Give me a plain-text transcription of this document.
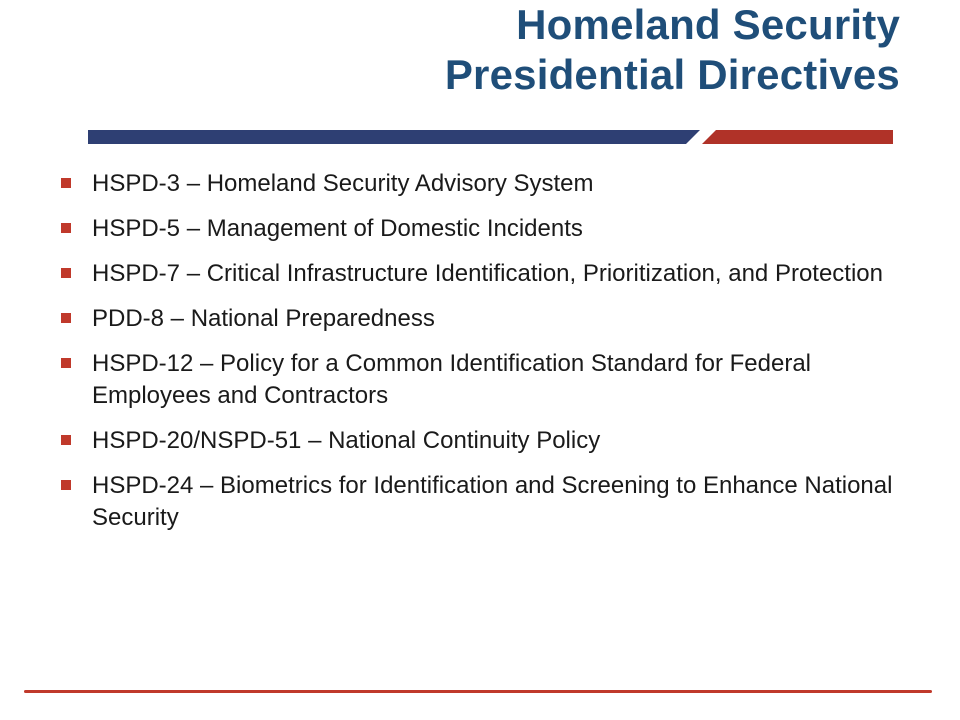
Homeland Security
Presidential Directives
HSPD-3 – Homeland Security Advisory System
HSPD-5 – Management of Domestic Incidents
HSPD-7 – Critical Infrastructure Identification, Prioritization, and Protection
PDD-8 – National Preparedness
HSPD-12 – Policy for a Common Identification Standard for Federal Employees and Contractors
HSPD-20/NSPD-51 – National Continuity Policy
HSPD-24 – Biometrics for Identification and Screening to Enhance National Security
